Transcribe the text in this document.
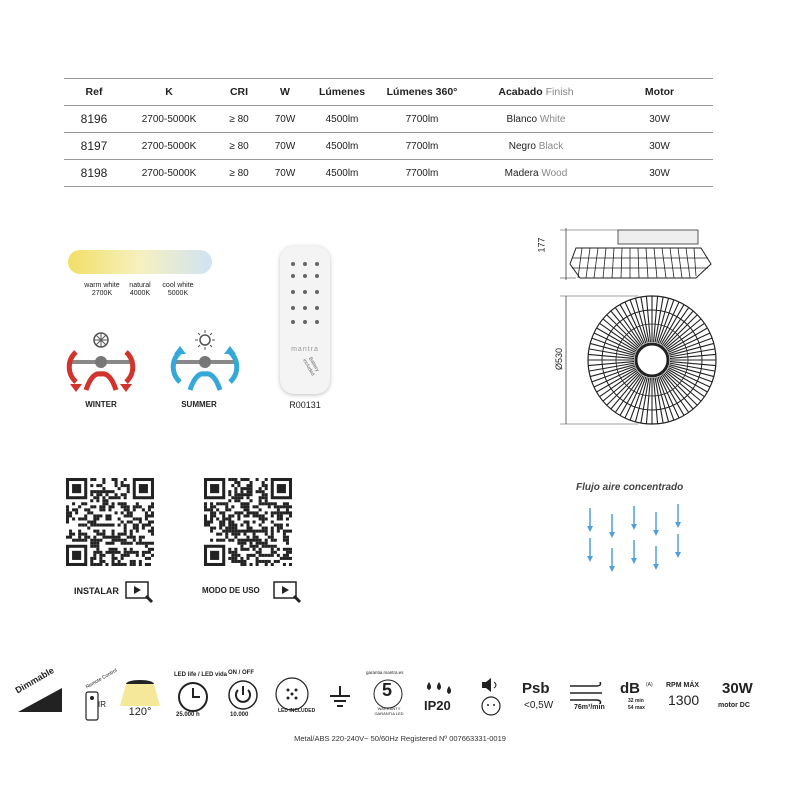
Ref	K	CRI	W	Lúmenes	Lúmenes 360°	Acabado Finish	Motor
8196	2700-5000K	≥ 80	70W	4500lm	7700lm	Blanco White	30W
8197	2700-5000K	≥ 80	70W	4500lm	7700lm	Negro Black	30W
8198	2700-5000K	≥ 80	70W	4500lm	7700lm	Madera Wood	30W
warm white
2700K
natural
4000K
cool white
5000K
WINTER	SUMMER
mantra
Battery included
R00131
177
Ø530
INSTALAR	MODO DE USO
Flujo aire concentrado
Dimmable	Remote Control
IR
120°
LED life / LED vida
25.000 h
ON / OFF
10.000
LED INCLUDED
5
garantia.mantra.es
WARRANTY GARANTIA LED
IP20
Psb
<0,5W	76m³/min
dB (A)
32 min
54 max
RPM MÁX
1300
30W
motor DC
Metal/ABS 220-240V~ 50/60Hz Registered Nº 007663331-0019
